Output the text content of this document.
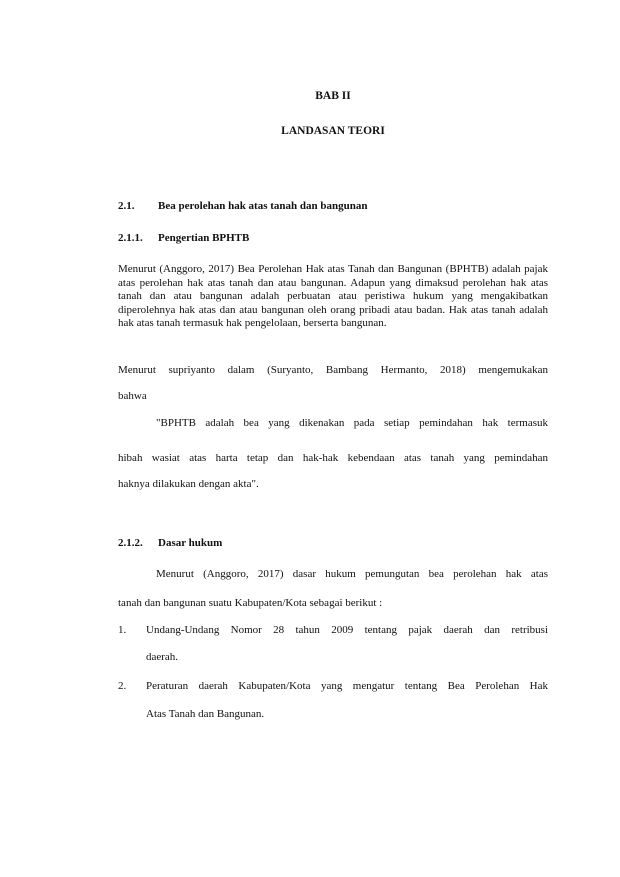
BAB II
LANDASAN TEORI
2.1. Bea perolehan hak atas tanah dan bangunan
2.1.1. Pengertian BPHTB

Menurut (Anggoro, 2017) Bea Perolehan Hak atas Tanah dan Bangunan (BPHTB) adalah pajak atas perolehan hak atas tanah dan atau bangunan. Adapun yang dimaksud perolehan hak atas tanah dan atau bangunan adalah perbuatan atau peristiwa hukum yang mengakibatkan diperolehnya hak atas dan atau bangunan oleh orang pribadi atau badan. Hak atas tanah adalah hak atas tanah termasuk hak pengelolaan, berserta bangunan.

Menurut supriyanto dalam (Suryanto, Bambang Hermanto, 2018) mengemukakan

bahwa

"BPHTB adalah bea yang dikenakan pada setiap pemindahan hak termasuk

hibah wasiat atas harta tetap dan hak-hak kebendaan atas tanah yang pemindahan

haknya dilakukan dengan akta".

2.1.2. Dasar hukum

Menurut (Anggoro, 2017) dasar hukum pemungutan bea perolehan hak atas

tanah dan bangunan suatu Kabupaten/Kota sebagai berikut :

1. Undang-Undang Nomor 28 tahun 2009 tentang pajak daerah dan retribusi

daerah.

2. Peraturan daerah Kabupaten/Kota yang mengatur tentang Bea Perolehan Hak

Atas Tanah dan Bangunan.
